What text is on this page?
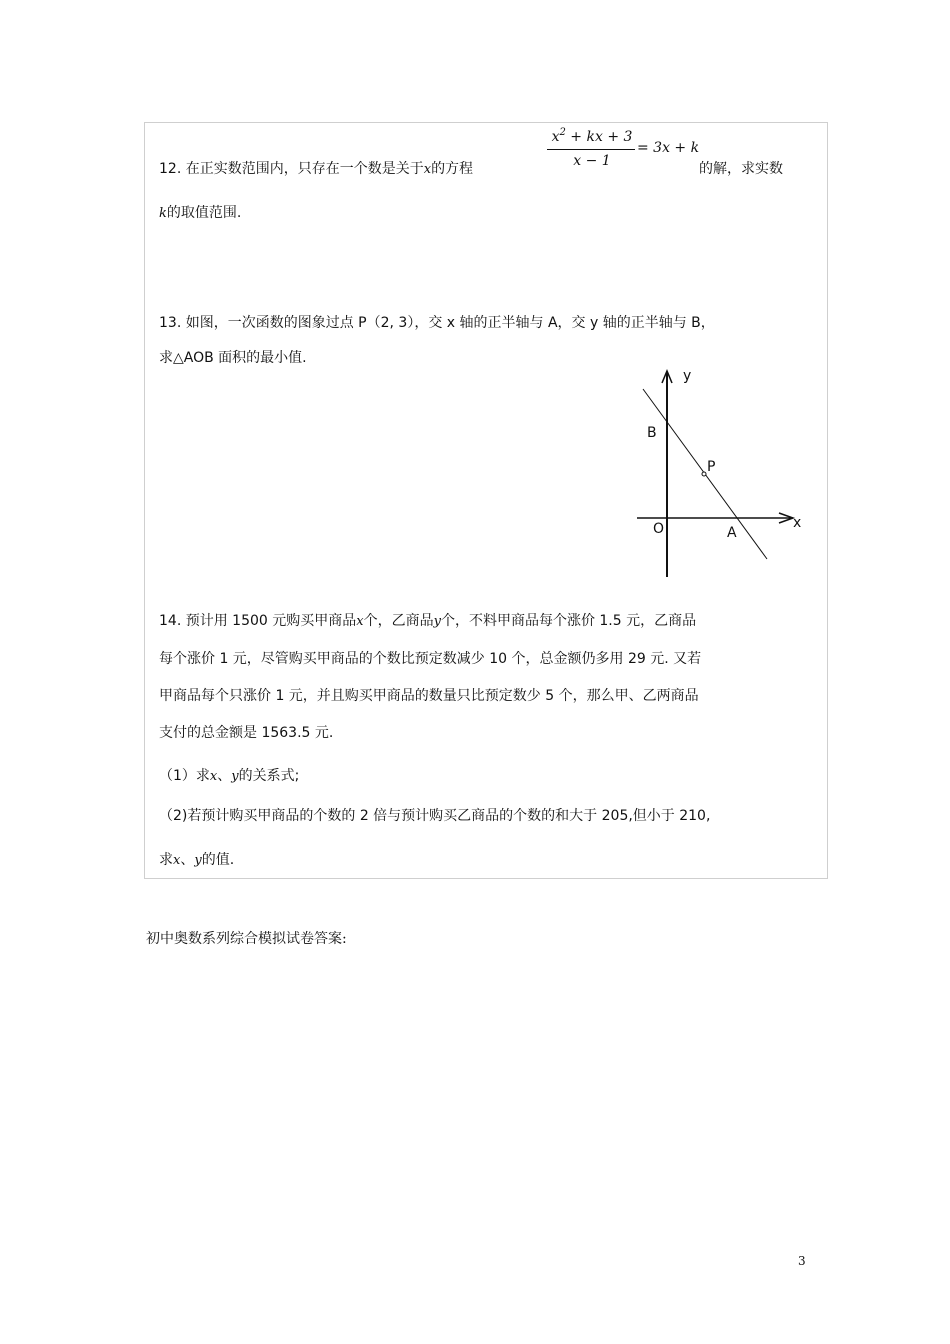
12. 在正实数范围内，只存在一个数是关于x的方程
$x^2$ + kx + 3
x − 1
= 3x + k
的解，求实数
k的取值范围.
13. 如图，一次函数的图象过点 P（2, 3），交 x 轴的正半轴与 A，交 y 轴的正半轴与 B，
求△AOB 面积的最小值.
y
x
B
P
O	A
14. 预计用 1500 元购买甲商品x个，乙商品y个，不料甲商品每个涨价 1.5 元，乙商品
每个涨价 1 元，尽管购买甲商品的个数比预定数减少 10 个，总金额仍多用 29 元. 又若
甲商品每个只涨价 1 元，并且购买甲商品的数量只比预定数少 5 个，那么甲、乙两商品
支付的总金额是 1563.5 元.
（1）求x、y的关系式;
（2)若预计购买甲商品的个数的 2 倍与预计购买乙商品的个数的和大于 205,但小于 210,
求x、y的值.
初中奥数系列综合模拟试卷答案:
3
